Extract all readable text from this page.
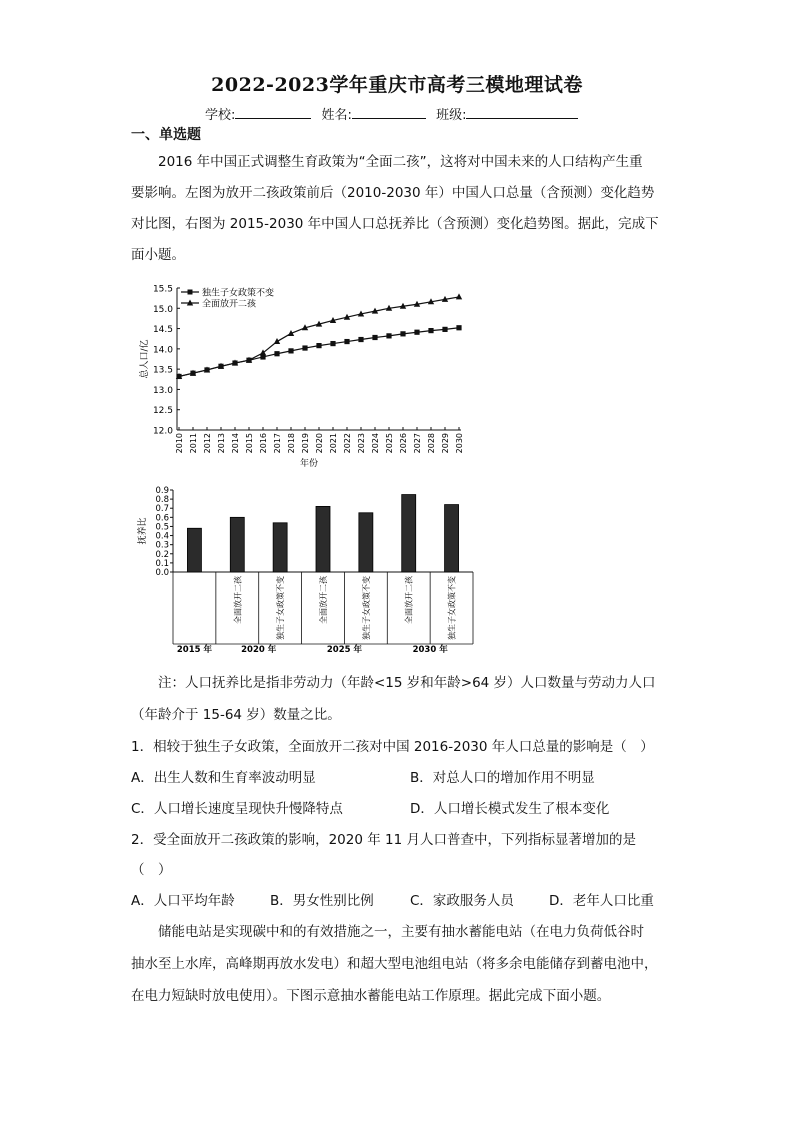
2022-2023学年重庆市高考三模地理试卷
学校:	姓名:	班级:
一、单选题
2016 年中国正式调整生育政策为“全面二孩”，这将对中国未来的人口结构产生重
要影响。左图为放开二孩政策前后（2010-2030 年）中国人口总量（含预测）变化趋势
对比图，右图为 2015-2030 年中国人口总抚养比（含预测）变化趋势图。据此，完成下
面小题。
12.0
12.5
13.0
13.5
14.0
14.5
15.0
15.5
2010 2011 2012 2013 2014 2015 2016 2017 2018 2019 2020 2021 2022 2023 2024 2025 2026 2027 2028 2029 2030
年份
总人口/亿
独生子女政策不变
全面放开二孩
0.0
0.1
0.2
0.3
0.4
0.5
0.6
0.7
0.8
0.9
抚养比
全面放开二孩	独生子女政策不变	全面放开二孩	独生子女政策不变	全面放开二孩	独生子女政策不变
2015 年	2020 年	2025 年	2030 年
注：人口抚养比是指非劳动力（年龄<15 岁和年龄>64 岁）人口数量与劳动力人口
（年龄介于 15-64 岁）数量之比。
1．相较于独生子女政策，全面放开二孩对中国 2016-2030 年人口总量的影响是（　）
A．出生人数和生育率波动明显	B．对总人口的增加作用不明显
C．人口增长速度呈现快升慢降特点	D．人口增长模式发生了根本变化
2．受全面放开二孩政策的影响，2020 年 11 月人口普查中，下列指标显著增加的是
（　）
A．人口平均年龄	B．男女性别比例	C．家政服务人员	D．老年人口比重
储能电站是实现碳中和的有效措施之一，主要有抽水蓄能电站（在电力负荷低谷时
抽水至上水库，高峰期再放水发电）和超大型电池组电站（将多余电能储存到蓄电池中，
在电力短缺时放电使用）。下图示意抽水蓄能电站工作原理。据此完成下面小题。
